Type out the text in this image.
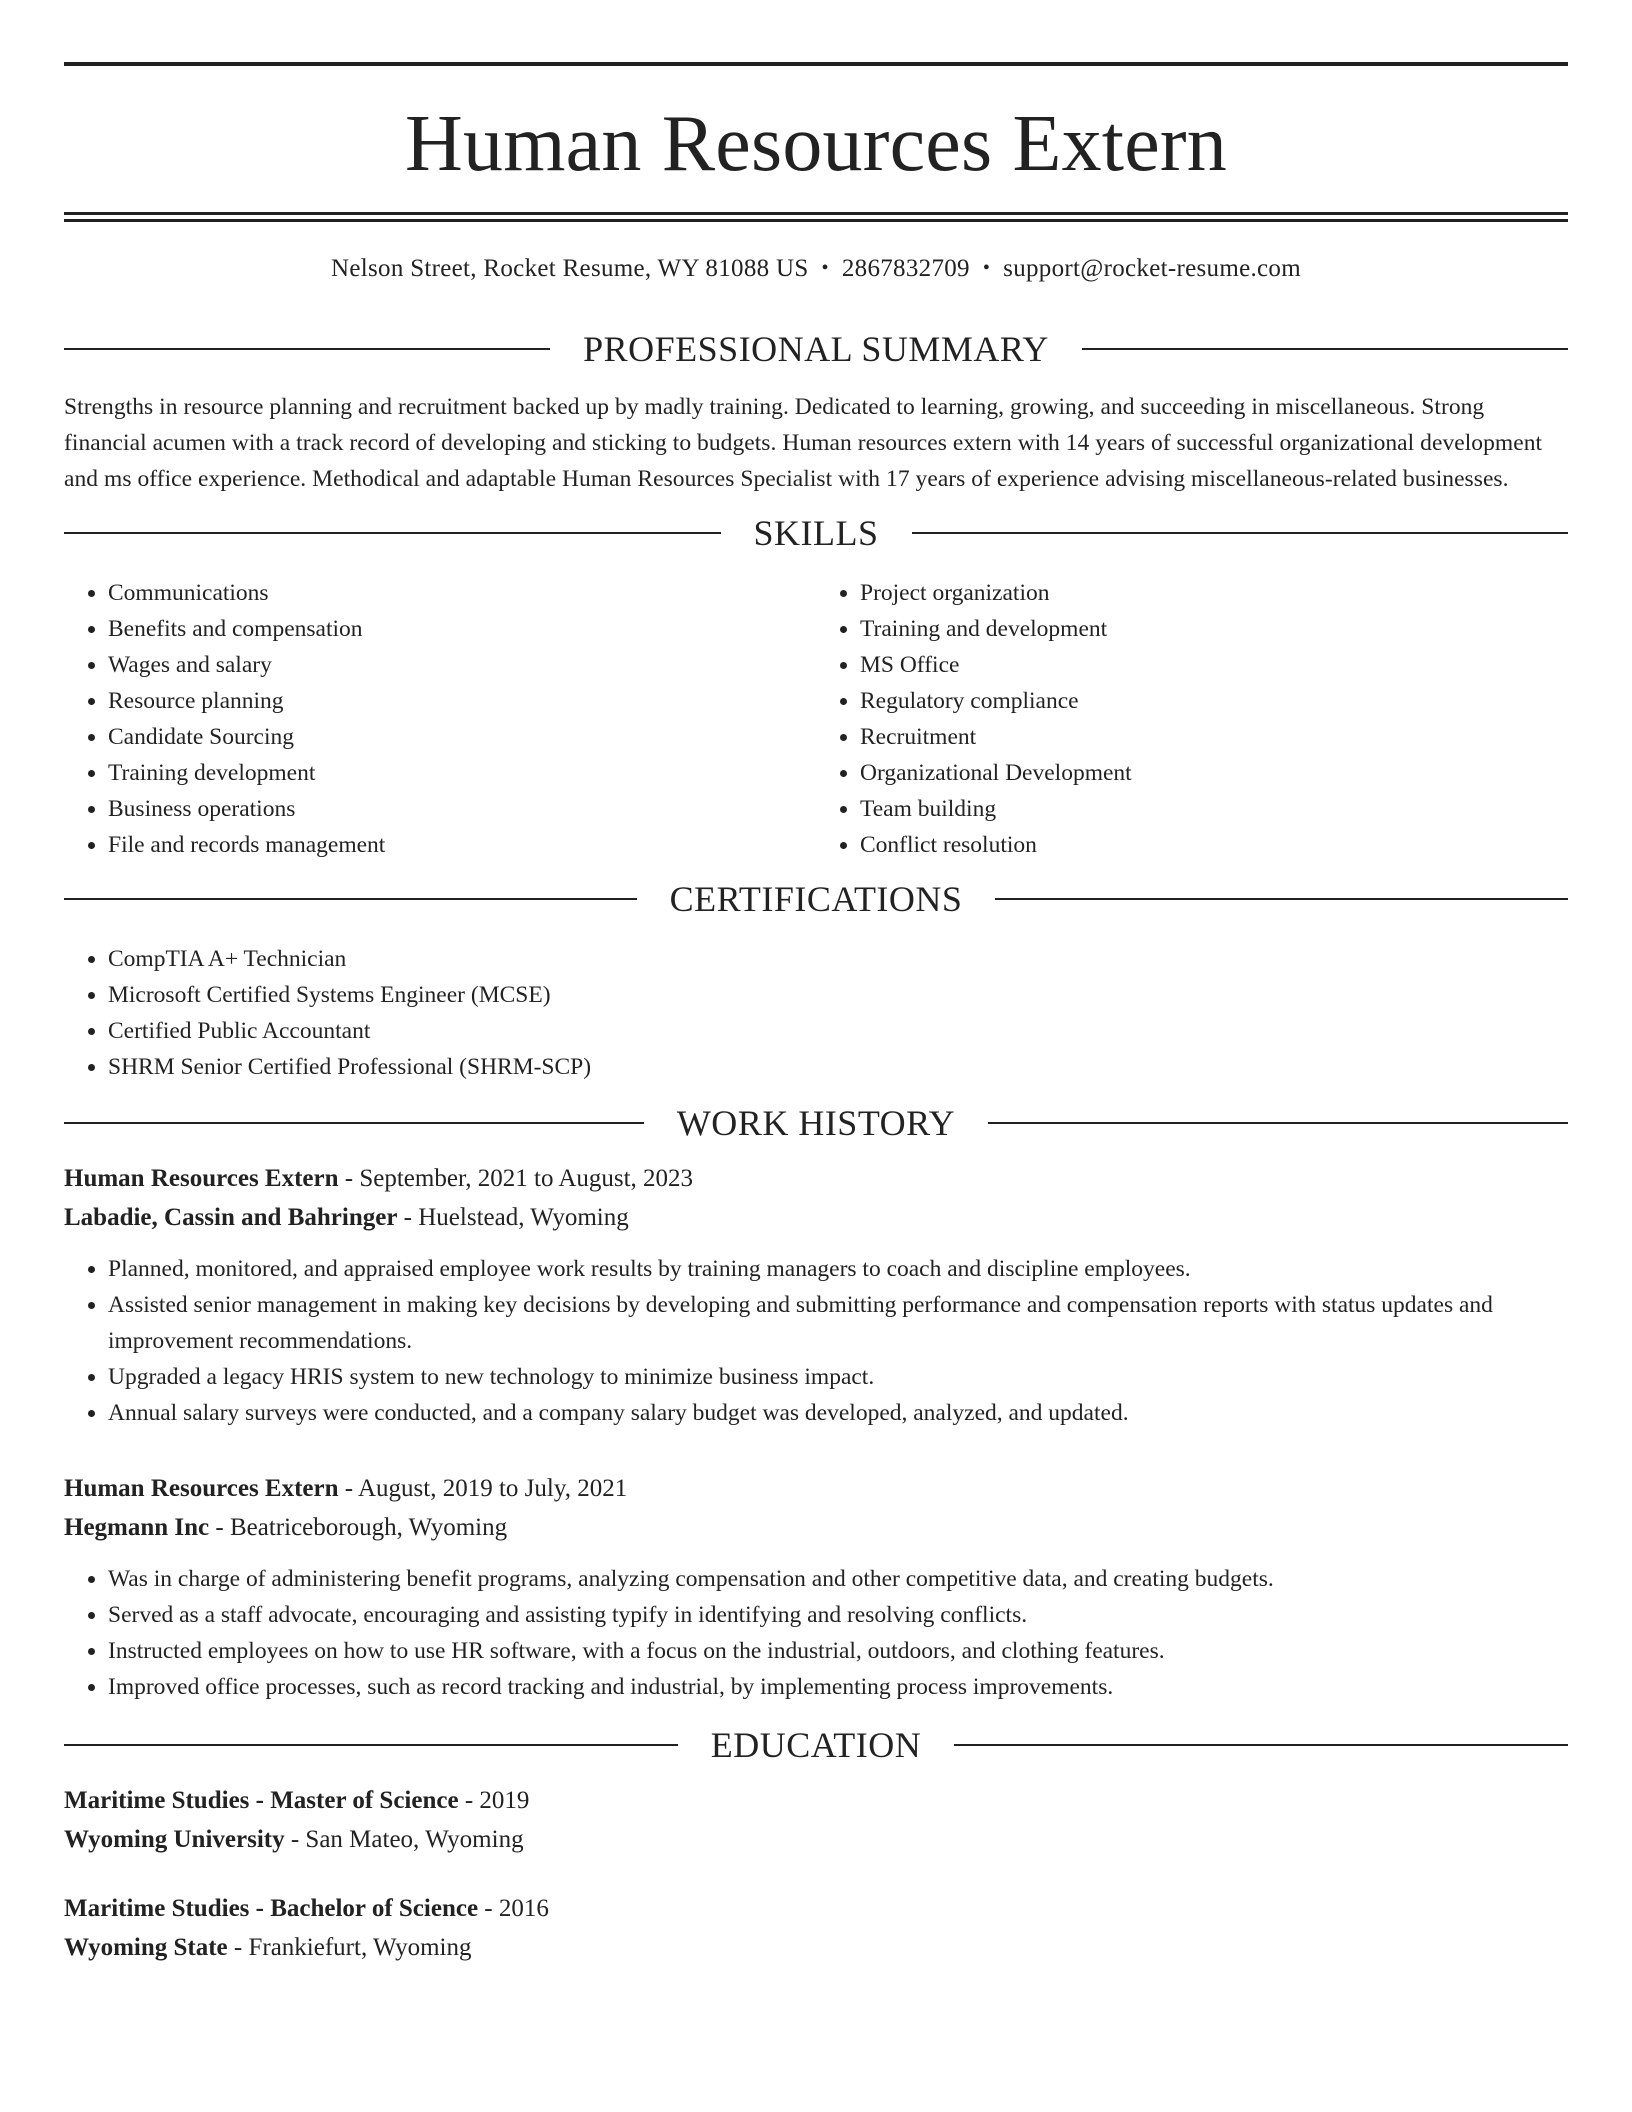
Human Resources Extern
Nelson Street, Rocket Resume, WY 81088 US • 2867832709 • support@rocket-resume.com
PROFESSIONAL SUMMARY

Strengths in resource planning and recruitment backed up by madly training. Dedicated to learning, growing, and succeeding in miscellaneous. Strong financial acumen with a track record of developing and sticking to budgets. Human resources extern with 14 years of successful organizational development and ms office experience. Methodical and adaptable Human Resources Specialist with 17 years of experience advising miscellaneous-related businesses.

SKILLS
• Communications
• Benefits and compensation
• Wages and salary
• Resource planning
• Candidate Sourcing
• Training development
• Business operations
• File and records management
• Project organization
• Training and development
• MS Office
• Regulatory compliance
• Recruitment
• Organizational Development
• Team building
• Conflict resolution
CERTIFICATIONS
• CompTIA A+ Technician
• Microsoft Certified Systems Engineer (MCSE)
• Certified Public Accountant
• SHRM Senior Certified Professional (SHRM-SCP)
WORK HISTORY
Human Resources Extern - September, 2021 to August, 2023
Labadie, Cassin and Bahringer - Huelstead, Wyoming
• Planned, monitored, and appraised employee work results by training managers to coach and discipline employees.
• Assisted senior management in making key decisions by developing and submitting performance and compensation reports with status updates and improvement recommendations.
• Upgraded a legacy HRIS system to new technology to minimize business impact.
• Annual salary surveys were conducted, and a company salary budget was developed, analyzed, and updated.
Human Resources Extern - August, 2019 to July, 2021
Hegmann Inc - Beatriceborough, Wyoming
• Was in charge of administering benefit programs, analyzing compensation and other competitive data, and creating budgets.
• Served as a staff advocate, encouraging and assisting typify in identifying and resolving conflicts.
• Instructed employees on how to use HR software, with a focus on the industrial, outdoors, and clothing features.
• Improved office processes, such as record tracking and industrial, by implementing process improvements.
EDUCATION
Maritime Studies - Master of Science - 2019
Wyoming University - San Mateo, Wyoming
Maritime Studies - Bachelor of Science - 2016
Wyoming State - Frankiefurt, Wyoming
